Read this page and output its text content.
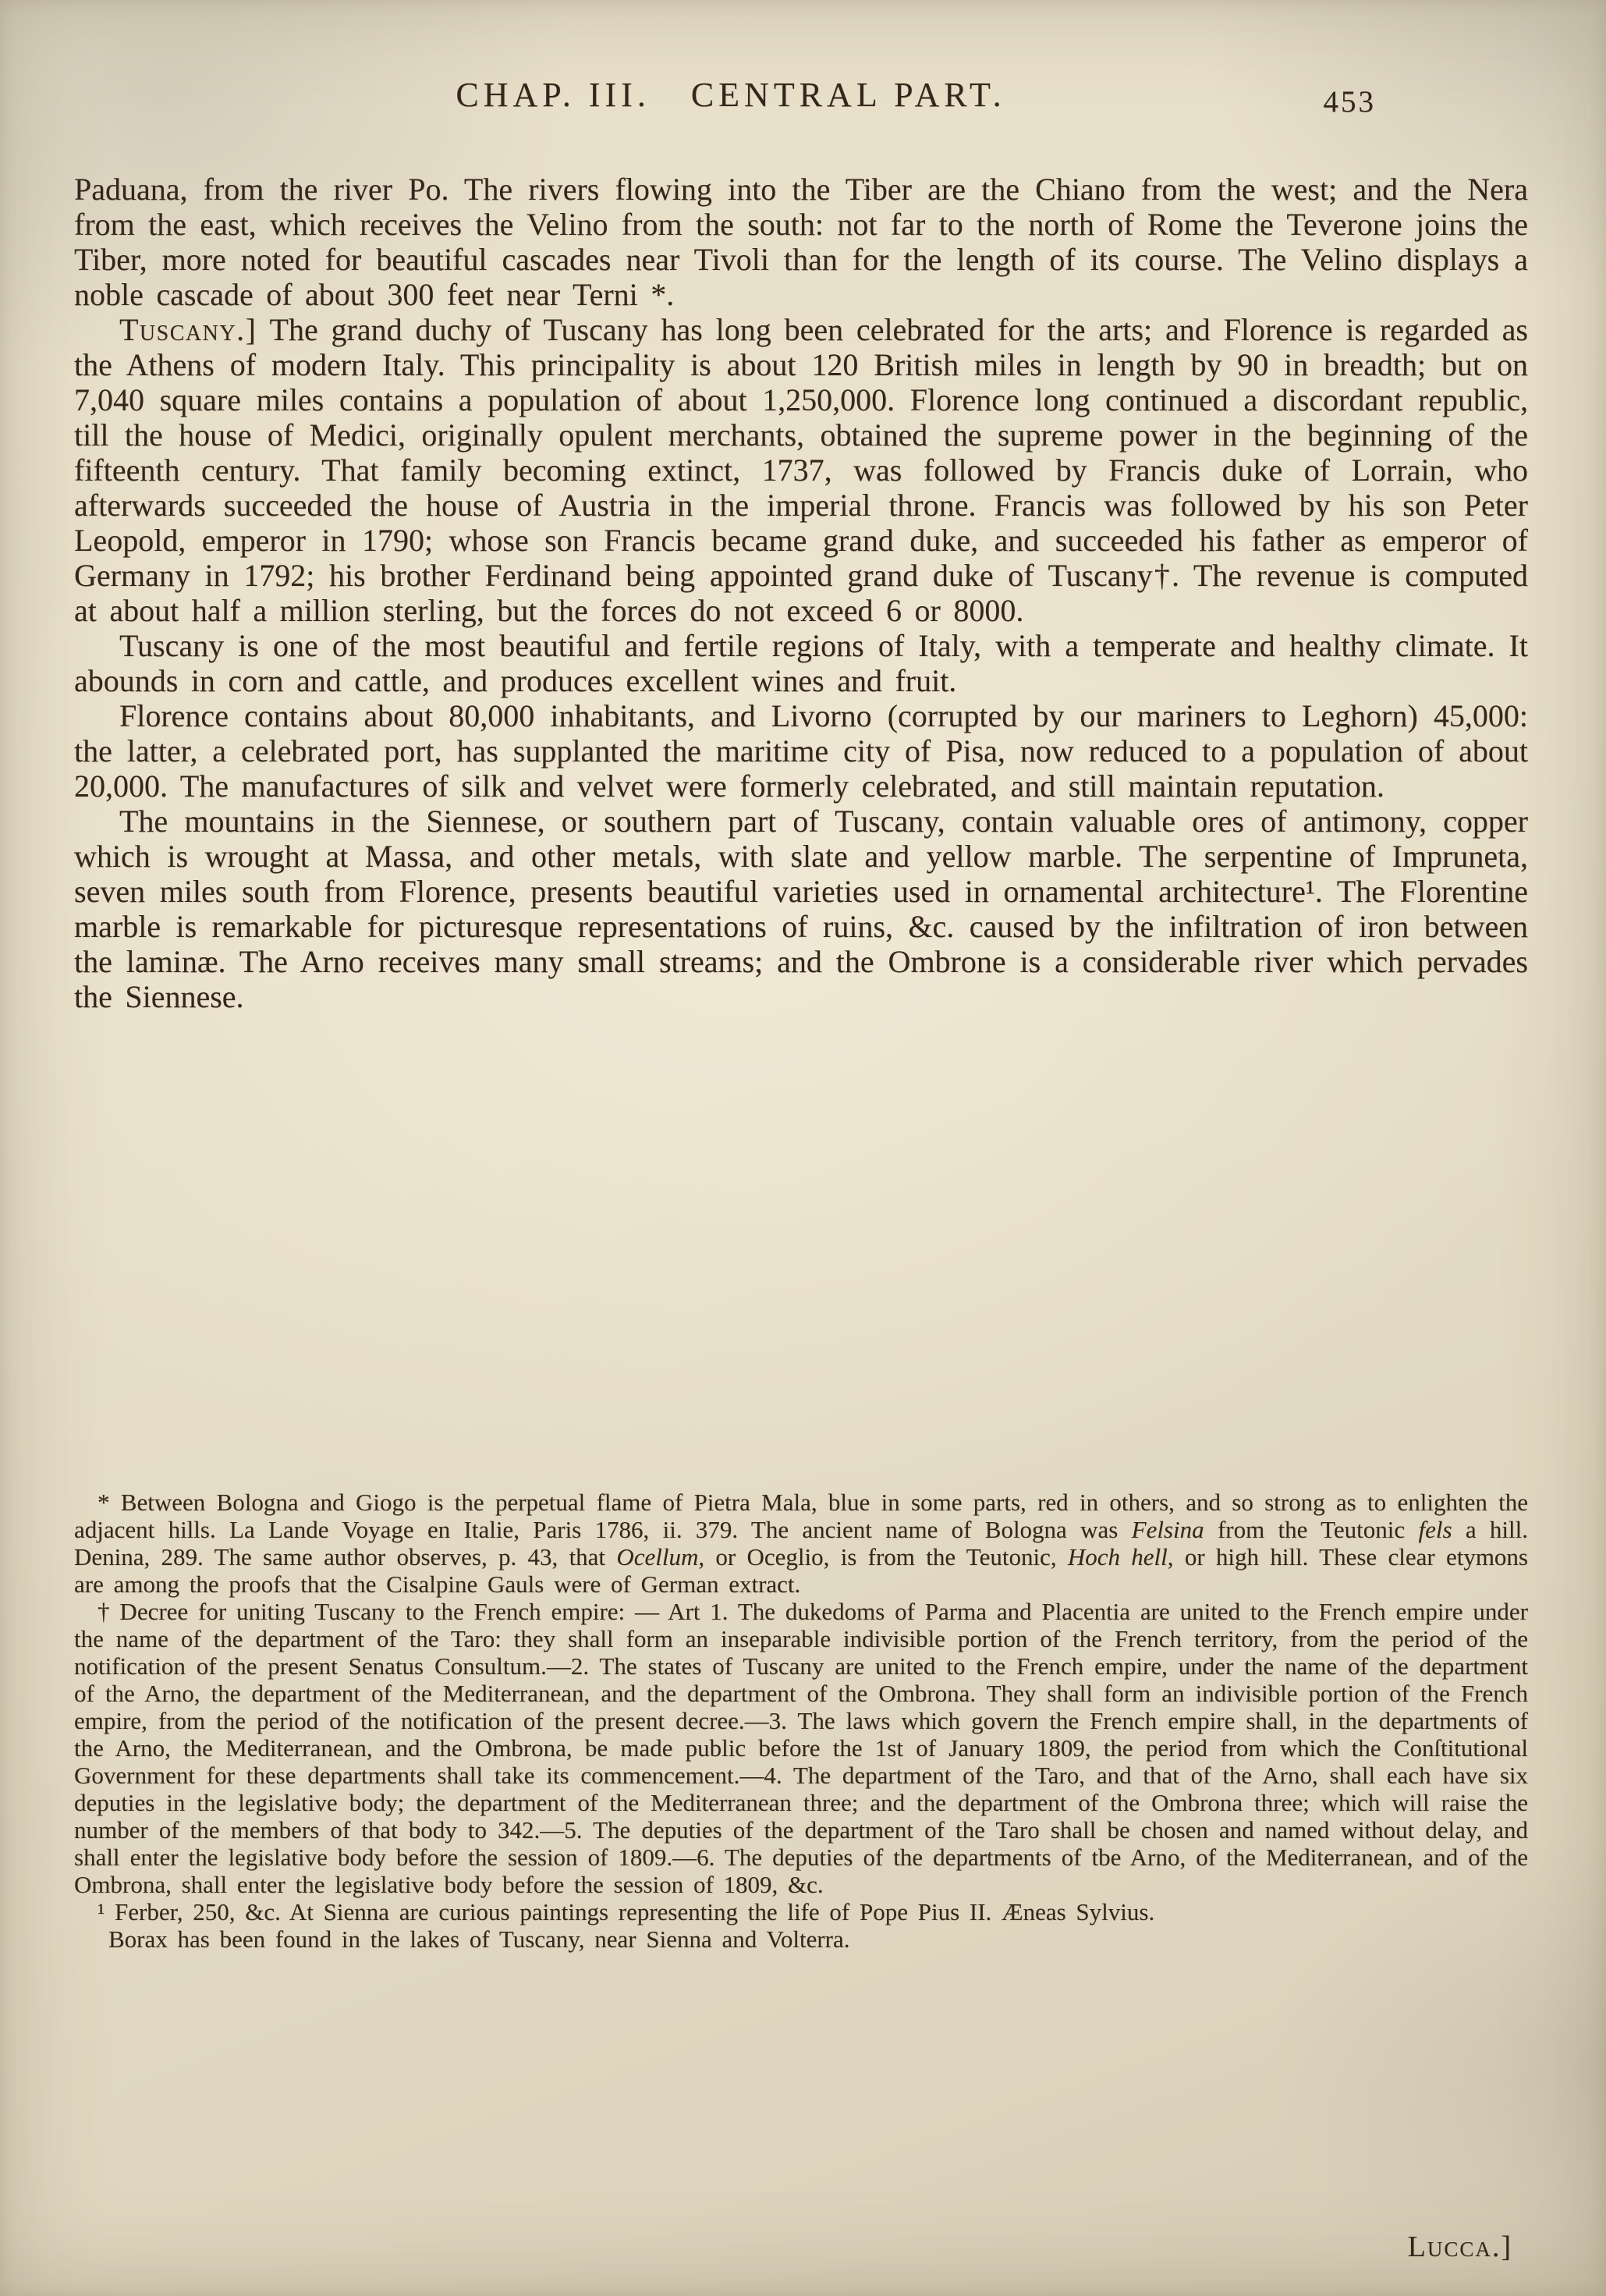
CHAP. III. CENTRAL PART.	453

Paduana, from the river Po. The rivers flowing into the Tiber are the Chiano from the west; and the Nera from the east, which receives the Velino from the south: not far to the north of Rome the Teverone joins the Tiber, more noted for beautiful cascades near Tivoli than for the length of its course. The Velino displays a noble cascade of about 300 feet near Terni *.

Tuscany.] The grand duchy of Tuscany has long been celebrated for the arts; and Florence is regarded as the Athens of modern Italy. This principality is about 120 British miles in length by 90 in breadth; but on 7,040 square miles contains a population of about 1,250,000. Florence long continued a discordant republic, till the house of Medici, originally opulent merchants, obtained the supreme power in the beginning of the fifteenth century. That family becoming extinct, 1737, was followed by Francis duke of Lorrain, who afterwards succeeded the house of Austria in the imperial throne. Francis was followed by his son Peter Leopold, emperor in 1790; whose son Francis became grand duke, and succeeded his father as emperor of Germany in 1792; his brother Ferdinand being appointed grand duke of Tuscany†. The revenue is computed at about half a million sterling, but the forces do not exceed 6 or 8000.

Tuscany is one of the most beautiful and fertile regions of Italy, with a temperate and healthy climate. It abounds in corn and cattle, and produces excellent wines and fruit.

Florence contains about 80,000 inhabitants, and Livorno (corrupted by our mariners to Leghorn) 45,000: the latter, a celebrated port, has supplanted the maritime city of Pisa, now reduced to a population of about 20,000. The manufactures of silk and velvet were formerly celebrated, and still maintain reputation.

The mountains in the Siennese, or southern part of Tuscany, contain valuable ores of antimony, copper which is wrought at Massa, and other metals, with slate and yellow marble. The serpentine of Impruneta, seven miles south from Florence, presents beautiful varieties used in ornamental architecture¹. The Florentine marble is remarkable for picturesque representations of ruins, &c. caused by the infiltration of iron between the laminæ. The Arno receives many small streams; and the Ombrone is a considerable river which pervades the Siennese.

* Between Bologna and Giogo is the perpetual flame of Pietra Mala, blue in some parts, red in others, and so strong as to enlighten the adjacent hills. La Lande Voyage en Italie, Paris 1786, ii. 379. The ancient name of Bologna was Felsina from the Teutonic fels a hill. Denina, 289. The same author observes, p. 43, that Ocellum, or Oceglio, is from the Teutonic, Hoch hell, or high hill. These clear etymons are among the proofs that the Cisalpine Gauls were of German extract.

† Decree for uniting Tuscany to the French empire: — Art 1. The dukedoms of Parma and Placentia are united to the French empire under the name of the department of the Taro: they shall form an inseparable indivisible portion of the French territory, from the period of the notification of the present Senatus Consultum.—2. The states of Tuscany are united to the French empire, under the name of the department of the Arno, the department of the Mediterranean, and the department of the Ombrona. They shall form an indivisible portion of the French empire, from the period of the notification of the present decree.—3. The laws which govern the French empire shall, in the departments of the Arno, the Mediterranean, and the Ombrona, be made public before the 1st of January 1809, the period from which the Conſtitutional Government for these departments shall take its commencement.—4. The department of the Taro, and that of the Arno, shall each have six deputies in the legislative body; the department of the Mediterranean three; and the department of the Ombrona three; which will raise the number of the members of that body to 342.—5. The deputies of the department of the Taro shall be chosen and named without delay, and shall enter the legislative body before the session of 1809.—6. The deputies of the departments of tbe Arno, of the Mediterranean, and of the Ombrona, shall enter the legislative body before the session of 1809, &c.

¹ Ferber, 250, &c. At Sienna are curious paintings representing the life of Pope Pius II. Æneas Sylvius.

Borax has been found in the lakes of Tuscany, near Sienna and Volterra.

Lucca.]
